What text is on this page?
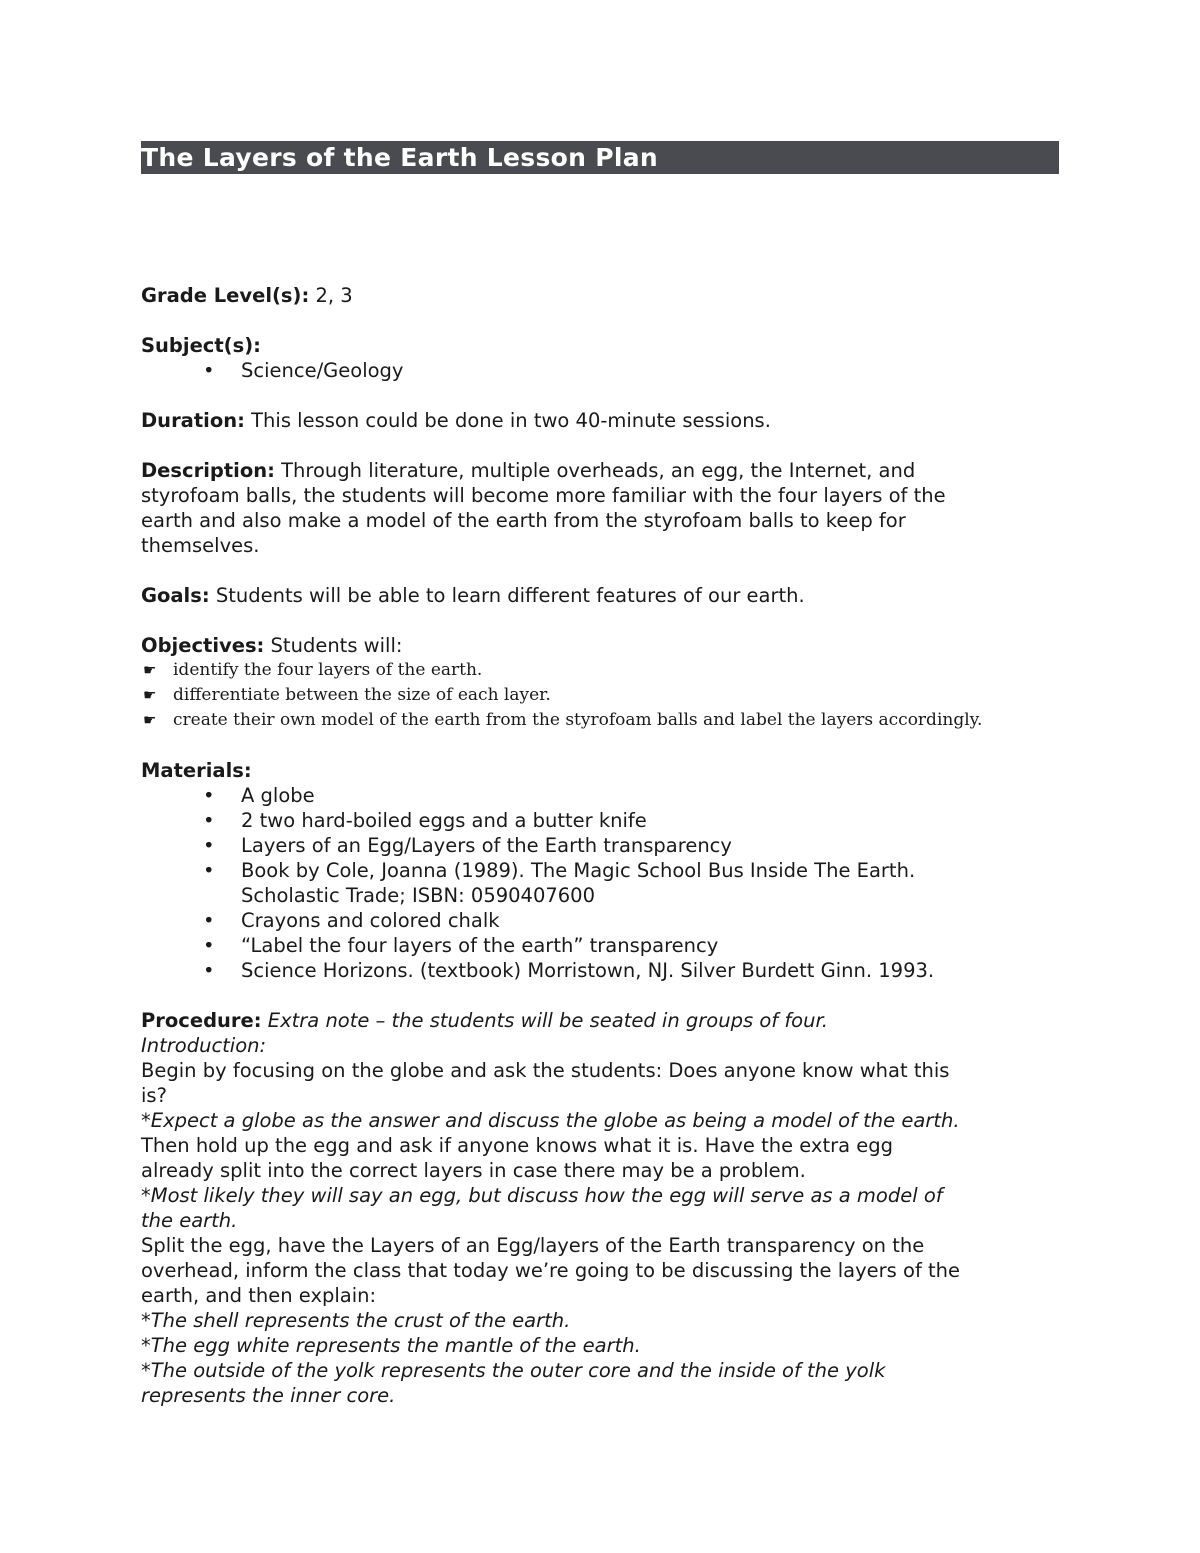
The Layers of the Earth Lesson Plan

Grade Level(s): 2, 3

Subject(s):

• Science/Geology

Duration: This lesson could be done in two 40-minute sessions.

Description: Through literature, multiple overheads, an egg, the Internet, and

styrofoam balls, the students will become more familiar with the four layers of the

earth and also make a model of the earth from the styrofoam balls to keep for

themselves.

Goals: Students will be able to learn different features of our earth.

Objectives: Students will:

☛ identify the four layers of the earth.
☛ differentiate between the size of each layer.
☛ create their own model of the earth from the styrofoam balls and label the layers accordingly.

Materials:

• A globe
• 2 two hard-boiled eggs and a butter knife
• Layers of an Egg/Layers of the Earth transparency
• Book by Cole, Joanna (1989). The Magic School Bus Inside The Earth.
Scholastic Trade; ISBN: 0590407600
• Crayons and colored chalk
• “Label the four layers of the earth” transparency
• Science Horizons. (textbook) Morristown, NJ. Silver Burdett Ginn. 1993.

Procedure: Extra note – the students will be seated in groups of four.

Introduction:

Begin by focusing on the globe and ask the students: Does anyone know what this

is?

*Expect a globe as the answer and discuss the globe as being a model of the earth.

Then hold up the egg and ask if anyone knows what it is. Have the extra egg

already split into the correct layers in case there may be a problem.

*Most likely they will say an egg, but discuss how the egg will serve as a model of

the earth.

Split the egg, have the Layers of an Egg/layers of the Earth transparency on the

overhead, inform the class that today we’re going to be discussing the layers of the

earth, and then explain:

*The shell represents the crust of the earth.

*The egg white represents the mantle of the earth.

*The outside of the yolk represents the outer core and the inside of the yolk

represents the inner core.
